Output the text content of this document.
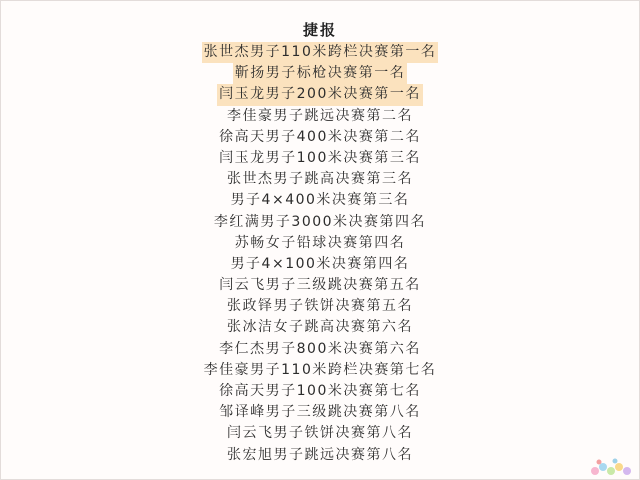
捷报
张世杰男子110米跨栏决赛第一名
靳扬男子标枪决赛第一名
闫玉龙男子200米决赛第一名
李佳豪男子跳远决赛第二名
徐高天男子400米决赛第二名
闫玉龙男子100米决赛第三名
张世杰男子跳高决赛第三名
男子4×400米决赛第三名
李红满男子3000米决赛第四名
苏畅女子铅球决赛第四名
男子4×100米决赛第四名
闫云飞男子三级跳决赛第五名
张政铎男子铁饼决赛第五名
张冰洁女子跳高决赛第六名
李仁杰男子800米决赛第六名
李佳豪男子110米跨栏决赛第七名
徐高天男子100米决赛第七名
邹译峰男子三级跳决赛第八名
闫云飞男子铁饼决赛第八名
张宏旭男子跳远决赛第八名
